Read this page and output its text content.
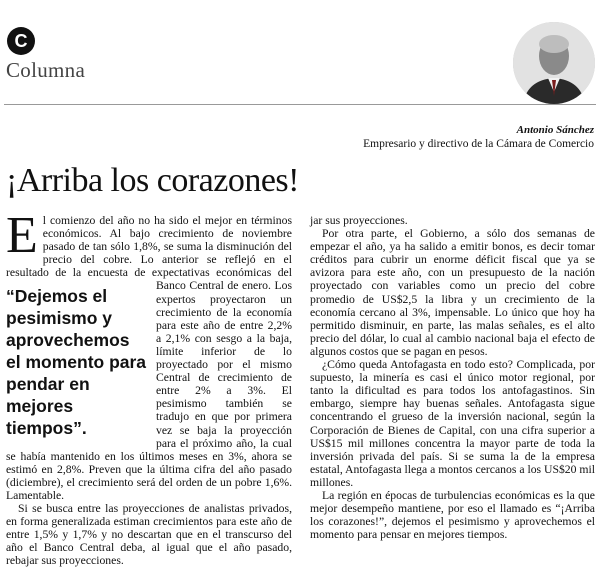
C
Columna
Antonio Sánchez
Empresario y directivo de la Cámara de Comercio
¡Arriba los corazones!

El comienzo del año no ha sido el mejor en términos económicos. Al bajo crecimiento de noviembre pasado de tan sólo 1,8%, se suma la disminución del precio del cobre. Lo anterior se reflejó en el resultado de la encuesta de expectativas económicas del Banco Central de enero.
“Dejemos el pesimismo y aprovechemos el momento para pendar en mejores tiempos”.
Los expertos proyectaron un crecimiento de la economía para este año de entre 2,2% a 2,1% con sesgo a la baja, límite inferior de lo proyectado por el mismo Central de crecimiento de entre 2% a 3%. El pesimismo también se tradujo en que por primera vez se baja la proyección para el próximo año, la cual se había mantenido en los últimos meses en 3%, ahora se estimó en 2,8%. Preven que la última cifra del año pasado (diciembre), el crecimiento será del orden de un pobre 1,6%. Lamentable.

Si se busca entre las proyecciones de analistas privados, en forma generalizada estiman crecimientos para este año de entre 1,5% y 1,7% y no descartan que en el transcurso del año el Banco Central deba, al igual que el año pasado, rebajar sus proyecciones.

jar sus proyecciones.

Por otra parte, el Gobierno, a sólo dos semanas de empezar el año, ya ha salido a emitir bonos, es decir tomar créditos para cubrir un enorme déficit fiscal que ya se avizora para este año, con un presupuesto de la nación proyectado con variables como un precio del cobre promedio de US$2,5 la libra y un crecimiento de la economía cercano al 3%, impensable. Lo único que hoy ha permitido disminuir, en parte, las malas señales, es el alto precio del dólar, lo cual al cambio nacional baja el efecto de algunos costos que se pagan en pesos.

¿Cómo queda Antofagasta en todo esto? Complicada, por supuesto, la minería es casi el único motor regional, por tanto la dificultad es para todos los antofagastinos. Sin embargo, siempre hay buenas señales. Antofagasta sigue concentrando el grueso de la inversión nacional, según la Corporación de Bienes de Capital, con una cifra superior a US$15 mil millones concentra la mayor parte de toda la inversión privada del país. Si se suma la de la empresa estatal, Antofagasta llega a montos cercanos a los US$20 mil millones.

La región en épocas de turbulencias económicas es la que mejor desempeño mantiene, por eso el llamado es “¡Arriba los corazones!”, dejemos el pesimismo y aprovechemos el momento para pensar en mejores tiempos.
